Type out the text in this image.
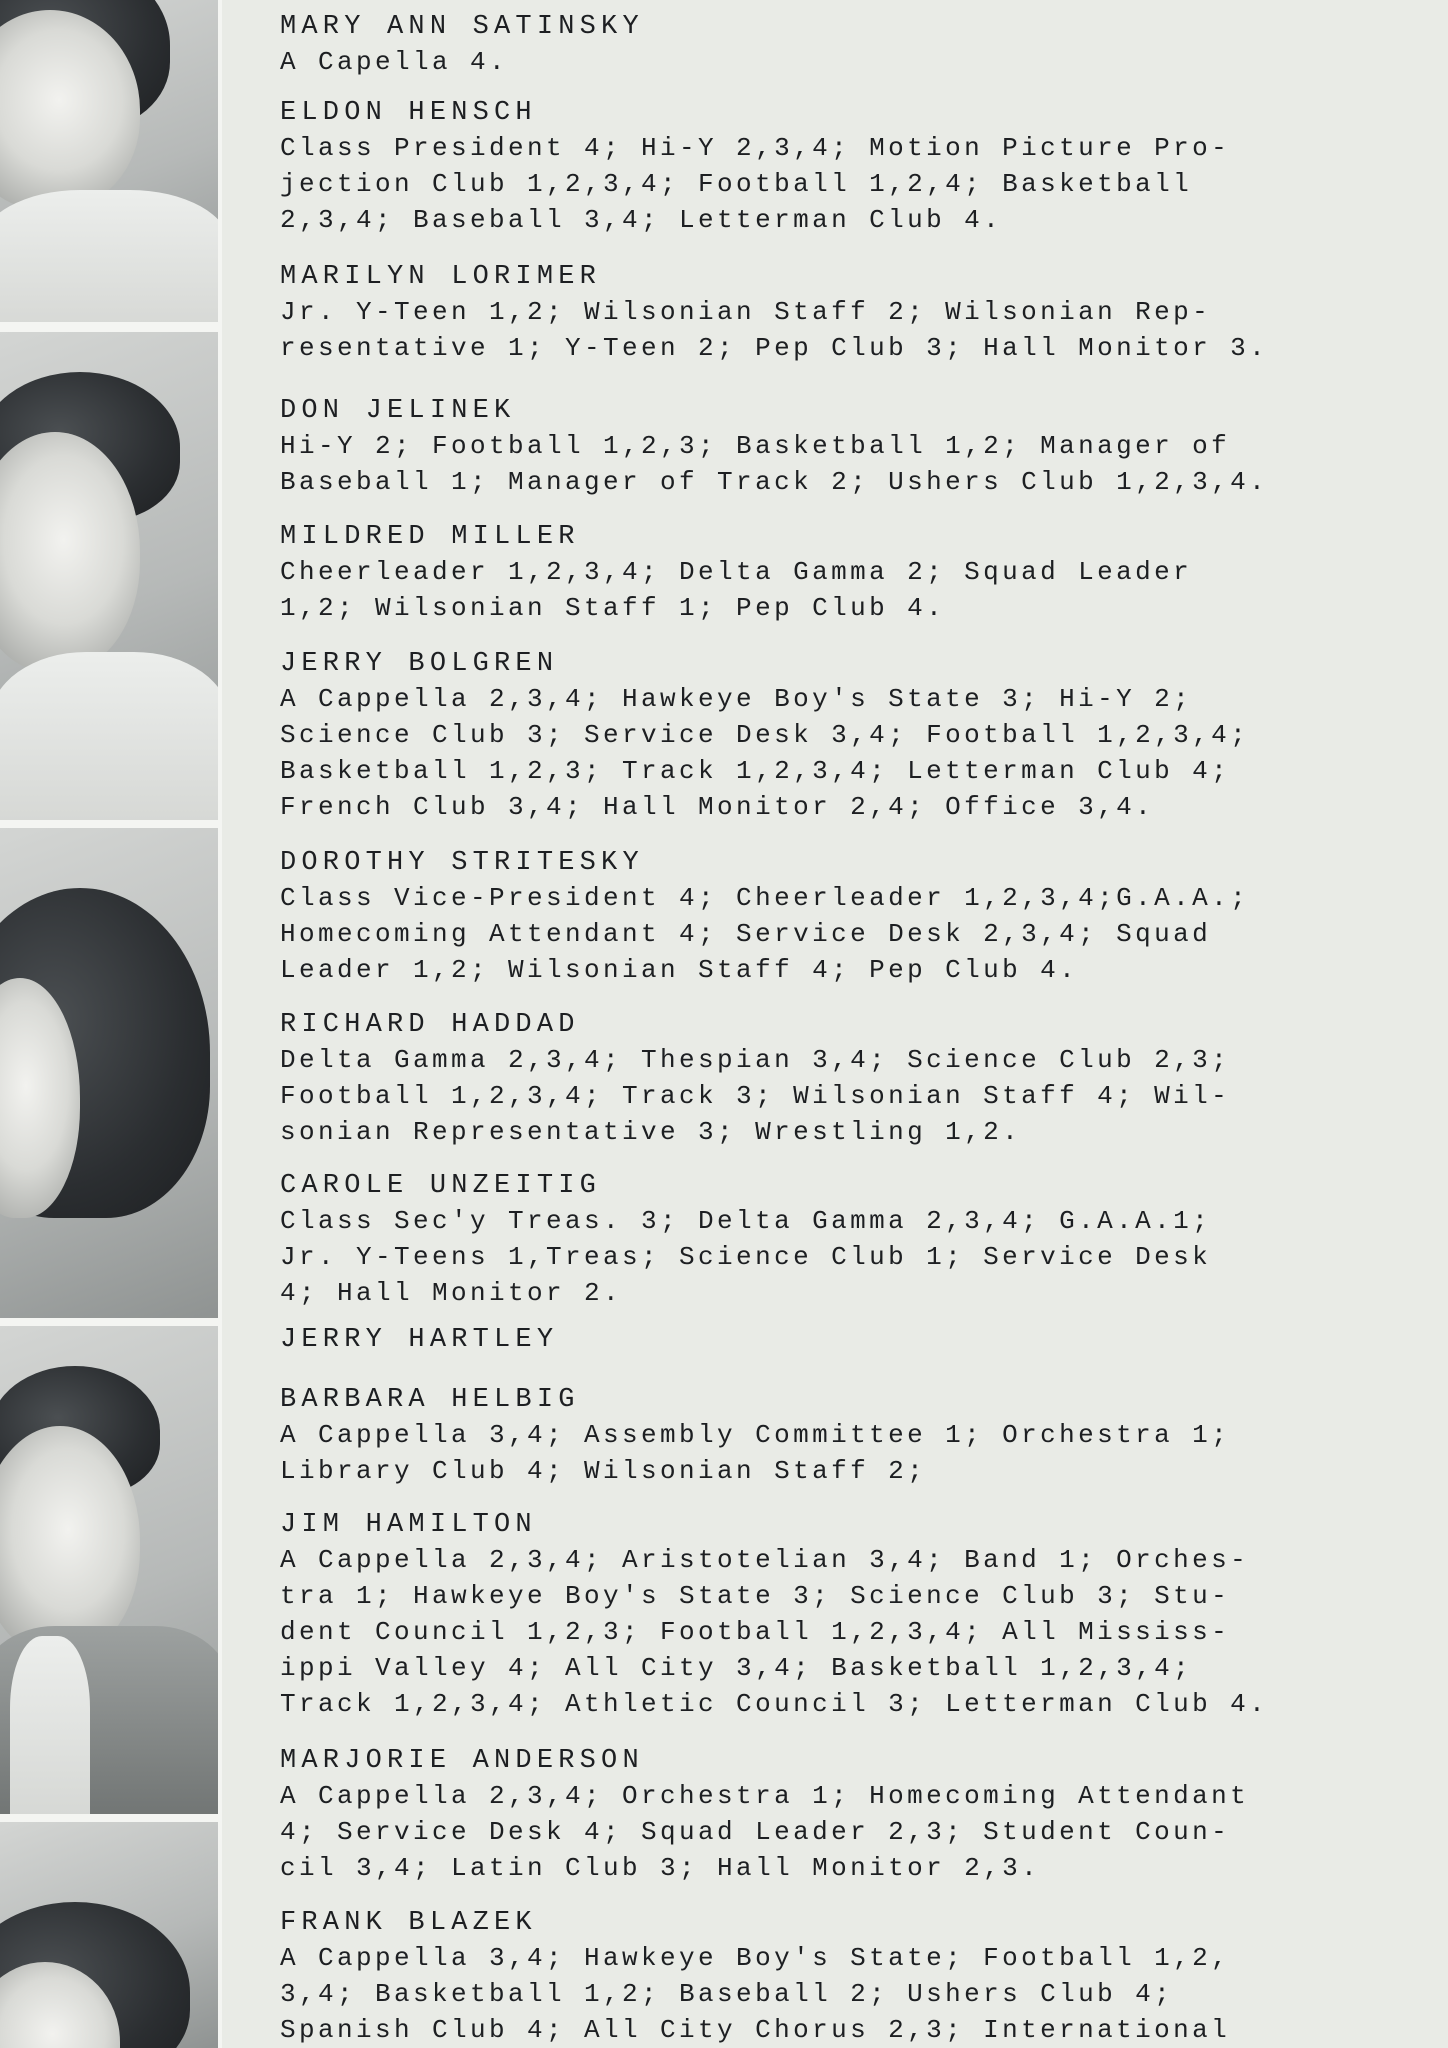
MARY ANN SATINSKY

A Capella 4.

ELDON HENSCH

Class President 4; Hi-Y 2,3,4; Motion Picture Pro-

jection Club 1,2,3,4; Football 1,2,4; Basketball

2,3,4; Baseball 3,4; Letterman Club 4.

MARILYN LORIMER

Jr. Y-Teen 1,2; Wilsonian Staff 2; Wilsonian Rep-

resentative 1; Y-Teen 2; Pep Club 3; Hall Monitor 3.

DON JELINEK

Hi-Y 2; Football 1,2,3; Basketball 1,2; Manager of

Baseball 1; Manager of Track 2; Ushers Club 1,2,3,4.

MILDRED MILLER

Cheerleader 1,2,3,4; Delta Gamma 2; Squad Leader

1,2; Wilsonian Staff 1; Pep Club 4.

JERRY BOLGREN

A Cappella 2,3,4; Hawkeye Boy's State 3; Hi-Y 2;

Science Club 3; Service Desk 3,4; Football 1,2,3,4;

Basketball 1,2,3; Track 1,2,3,4; Letterman Club 4;

French Club 3,4; Hall Monitor 2,4; Office 3,4.

DOROTHY STRITESKY

Class Vice-President 4; Cheerleader 1,2,3,4;G.A.A.;

Homecoming Attendant 4; Service Desk 2,3,4; Squad

Leader 1,2; Wilsonian Staff 4; Pep Club 4.

RICHARD HADDAD

Delta Gamma 2,3,4; Thespian 3,4; Science Club 2,3;

Football 1,2,3,4; Track 3; Wilsonian Staff 4; Wil-

sonian Representative 3; Wrestling 1,2.

CAROLE UNZEITIG

Class Sec'y Treas. 3; Delta Gamma 2,3,4; G.A.A.1;

Jr. Y-Teens 1,Treas; Science Club 1; Service Desk

4; Hall Monitor 2.

JERRY HARTLEY

BARBARA HELBIG

A Cappella 3,4; Assembly Committee 1; Orchestra 1;

Library Club 4; Wilsonian Staff 2;

JIM HAMILTON

A Cappella 2,3,4; Aristotelian 3,4; Band 1; Orches-

tra 1; Hawkeye Boy's State 3; Science Club 3; Stu-

dent Council 1,2,3; Football 1,2,3,4; All Mississ-

ippi Valley 4; All City 3,4; Basketball 1,2,3,4;

Track 1,2,3,4; Athletic Council 3; Letterman Club 4.

MARJORIE ANDERSON

A Cappella 2,3,4; Orchestra 1; Homecoming Attendant

4; Service Desk 4; Squad Leader 2,3; Student Coun-

cil 3,4; Latin Club 3; Hall Monitor 2,3.

FRANK BLAZEK

A Cappella 3,4; Hawkeye Boy's State; Football 1,2,

3,4; Basketball 1,2; Baseball 2; Ushers Club 4;

Spanish Club 4; All City Chorus 2,3; International
